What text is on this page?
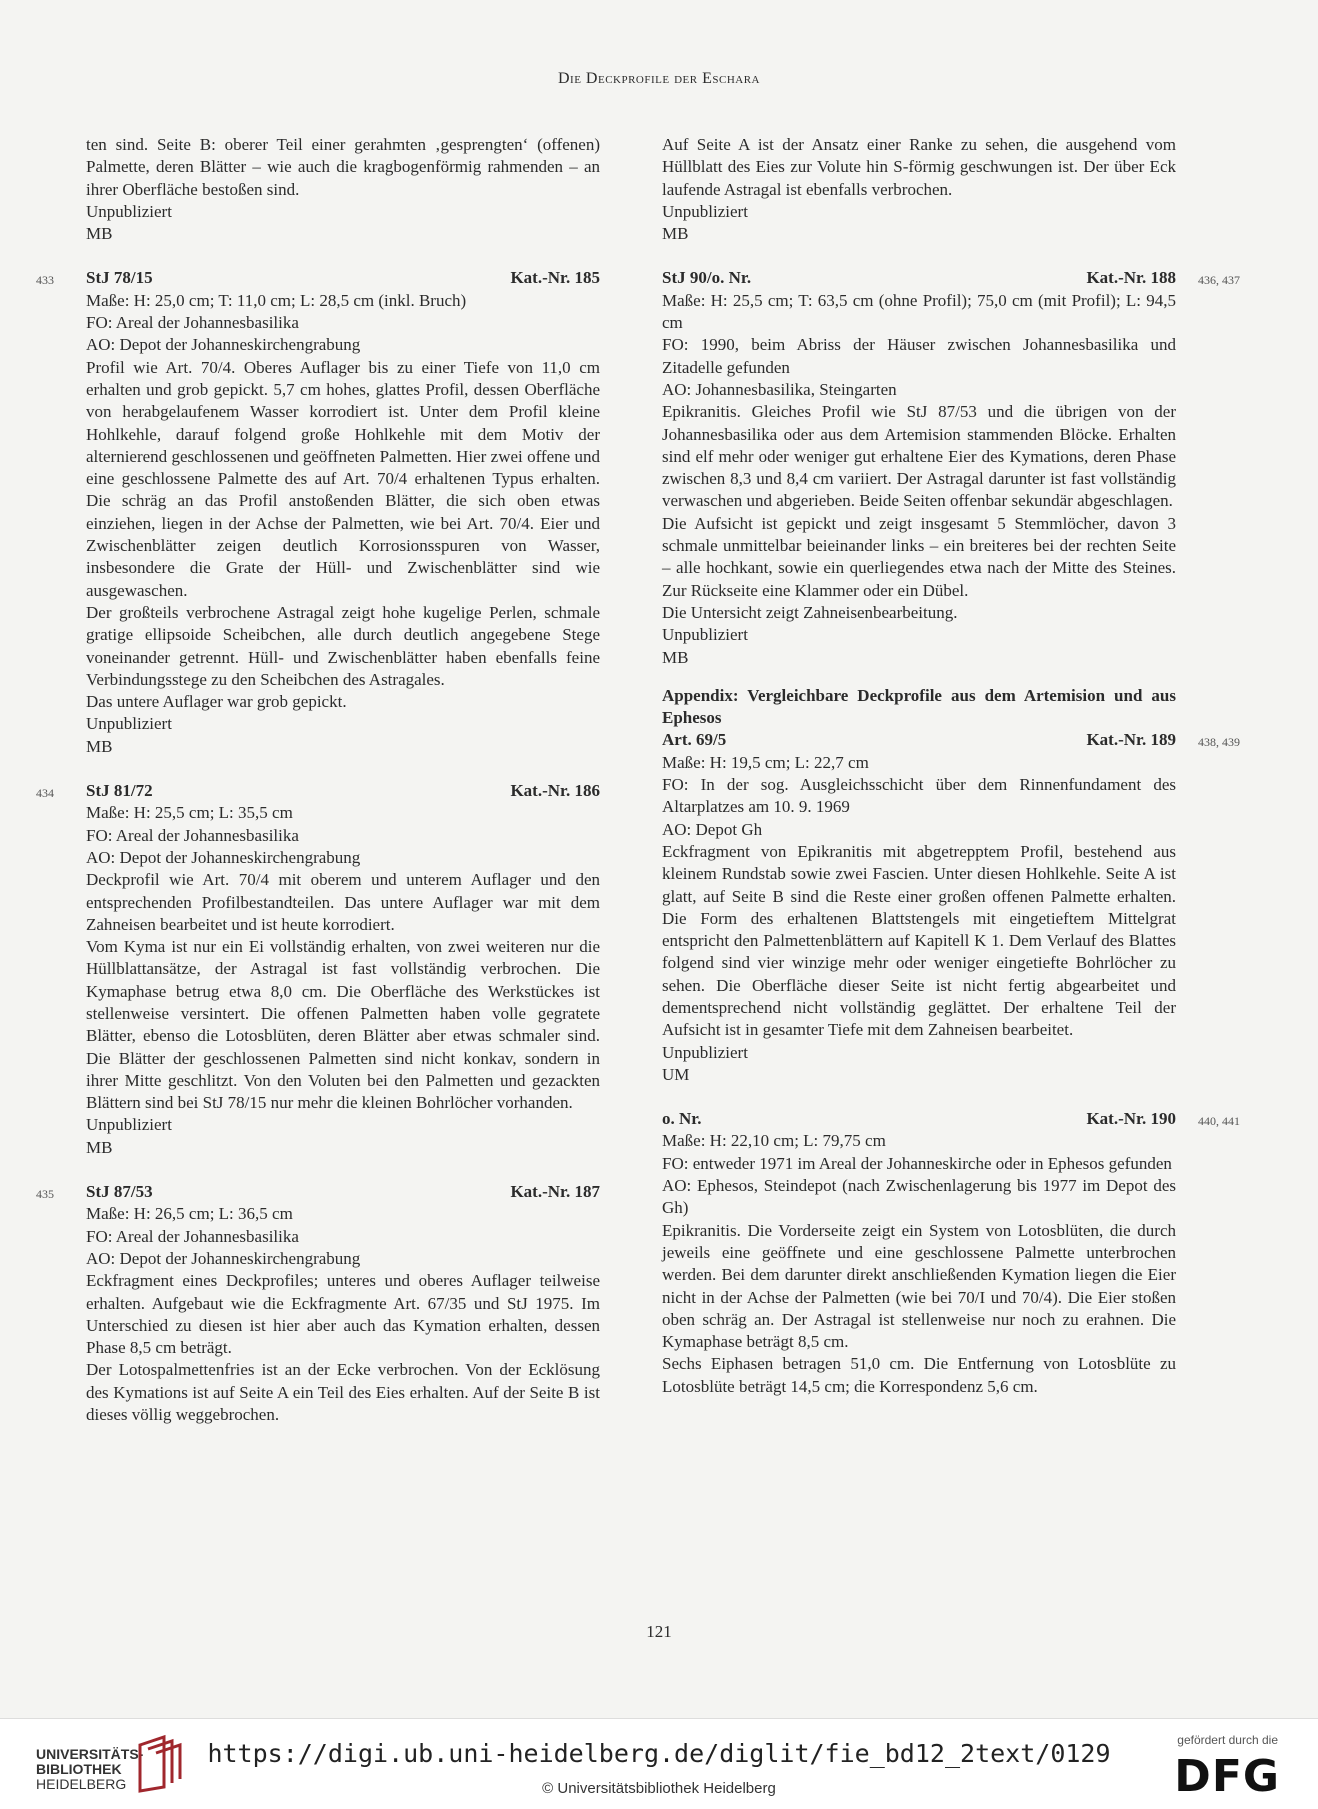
Die Deckprofile der Eschara

ten sind. Seite B: oberer Teil einer gerahmten ‚gesprengten‘ (offenen) Palmette, deren Blätter – wie auch die kragbogenförmig rahmenden – an ihrer Oberfläche bestoßen sind.

Unpubliziert

MB

433 StJ 78/15	Kat.-Nr. 185

Maße: H: 25,0 cm; T: 11,0 cm; L: 28,5 cm (inkl. Bruch)

FO: Areal der Johannesbasilika

AO: Depot der Johanneskirchengrabung

Profil wie Art. 70/4. Oberes Auflager bis zu einer Tiefe von 11,0 cm erhalten und grob gepickt. 5,7 cm hohes, glattes Profil, dessen Oberfläche von herabgelaufenem Wasser korrodiert ist. Unter dem Profil kleine Hohlkehle, darauf folgend große Hohlkehle mit dem Motiv der alternierend geschlossenen und geöffneten Palmetten. Hier zwei offene und eine geschlossene Palmette des auf Art. 70/4 erhaltenen Typus erhalten. Die schräg an das Profil anstoßenden Blätter, die sich oben etwas einziehen, liegen in der Achse der Palmetten, wie bei Art. 70/4. Eier und Zwischenblätter zeigen deutlich Korrosionsspuren von Wasser, insbesondere die Grate der Hüll- und Zwischenblätter sind wie ausgewaschen.

Der großteils verbrochene Astragal zeigt hohe kugelige Perlen, schmale gratige ellipsoide Scheibchen, alle durch deutlich angegebene Stege voneinander getrennt. Hüll- und Zwischenblätter haben ebenfalls feine Verbindungsstege zu den Scheibchen des Astragales.

Das untere Auflager war grob gepickt.

Unpubliziert

MB

434 StJ 81/72	Kat.-Nr. 186

Maße: H: 25,5 cm; L: 35,5 cm

FO: Areal der Johannesbasilika

AO: Depot der Johanneskirchengrabung

Deckprofil wie Art. 70/4 mit oberem und unterem Auflager und den entsprechenden Profilbestandteilen. Das untere Auflager war mit dem Zahneisen bearbeitet und ist heute korrodiert.

Vom Kyma ist nur ein Ei vollständig erhalten, von zwei weiteren nur die Hüllblattansätze, der Astragal ist fast vollständig verbrochen. Die Kymaphase betrug etwa 8,0 cm. Die Oberfläche des Werkstückes ist stellenweise versintert. Die offenen Palmetten haben volle gegratete Blätter, ebenso die Lotosblüten, deren Blätter aber etwas schmaler sind. Die Blätter der geschlossenen Palmetten sind nicht konkav, sondern in ihrer Mitte geschlitzt. Von den Voluten bei den Palmetten und gezackten Blättern sind bei StJ 78/15 nur mehr die kleinen Bohrlöcher vorhanden.

Unpubliziert

MB

435 StJ 87/53	Kat.-Nr. 187

Maße: H: 26,5 cm; L: 36,5 cm

FO: Areal der Johannesbasilika

AO: Depot der Johanneskirchengrabung

Eckfragment eines Deckprofiles; unteres und oberes Auflager teilweise erhalten. Aufgebaut wie die Eckfragmente Art. 67/35 und StJ 1975. Im Unterschied zu diesen ist hier aber auch das Kymation erhalten, dessen Phase 8,5 cm beträgt.

Der Lotospalmettenfries ist an der Ecke verbrochen. Von der Ecklösung des Kymations ist auf Seite A ein Teil des Eies erhalten. Auf der Seite B ist dieses völlig weggebrochen.

Auf Seite A ist der Ansatz einer Ranke zu sehen, die ausgehend vom Hüllblatt des Eies zur Volute hin S-förmig geschwungen ist. Der über Eck laufende Astragal ist ebenfalls verbrochen.

Unpubliziert

MB

StJ 90/o. Nr.	Kat.-Nr. 188 436, 437

Maße: H: 25,5 cm; T: 63,5 cm (ohne Profil); 75,0 cm (mit Profil); L: 94,5 cm

FO: 1990, beim Abriss der Häuser zwischen Johannesbasilika und Zitadelle gefunden

AO: Johannesbasilika, Steingarten

Epikranitis. Gleiches Profil wie StJ 87/53 und die übrigen von der Johannesbasilika oder aus dem Artemision stammenden Blöcke. Erhalten sind elf mehr oder weniger gut erhaltene Eier des Kymations, deren Phase zwischen 8,3 und 8,4 cm variiert. Der Astragal darunter ist fast vollständig verwaschen und abgerieben. Beide Seiten offenbar sekundär abgeschlagen.

Die Aufsicht ist gepickt und zeigt insgesamt 5 Stemmlöcher, davon 3 schmale unmittelbar beieinander links – ein breiteres bei der rechten Seite – alle hochkant, sowie ein querliegendes etwa nach der Mitte des Steines. Zur Rückseite eine Klammer oder ein Dübel.

Die Untersicht zeigt Zahneisenbearbeitung.

Unpubliziert

MB

Appendix: Vergleichbare Deckprofile aus dem Artemision und aus Ephesos

Art. 69/5	Kat.-Nr. 189 438, 439

Maße: H: 19,5 cm; L: 22,7 cm

FO: In der sog. Ausgleichsschicht über dem Rinnenfundament des Altarplatzes am 10. 9. 1969

AO: Depot Gh

Eckfragment von Epikranitis mit abgetrepptem Profil, bestehend aus kleinem Rundstab sowie zwei Fascien. Unter diesen Hohlkehle. Seite A ist glatt, auf Seite B sind die Reste einer großen offenen Palmette erhalten. Die Form des erhaltenen Blattstengels mit eingetieftem Mittelgrat entspricht den Palmettenblättern auf Kapitell K 1. Dem Verlauf des Blattes folgend sind vier winzige mehr oder weniger eingetiefte Bohrlöcher zu sehen. Die Oberfläche dieser Seite ist nicht fertig abgearbeitet und dementsprechend nicht vollständig geglättet. Der erhaltene Teil der Aufsicht ist in gesamter Tiefe mit dem Zahneisen bearbeitet.

Unpubliziert

UM

o. Nr.	Kat.-Nr. 190 440, 441

Maße: H: 22,10 cm; L: 79,75 cm

FO: entweder 1971 im Areal der Johanneskirche oder in Ephesos gefunden

AO: Ephesos, Steindepot (nach Zwischenlagerung bis 1977 im Depot des Gh)

Epikranitis. Die Vorderseite zeigt ein System von Lotosblüten, die durch jeweils eine geöffnete und eine geschlossene Palmette unterbrochen werden. Bei dem darunter direkt anschließenden Kymation liegen die Eier nicht in der Achse der Palmetten (wie bei 70/I und 70/4). Die Eier stoßen oben schräg an. Der Astragal ist stellenweise nur noch zu erahnen. Die Kymaphase beträgt 8,5 cm.

Sechs Eiphasen betragen 51,0 cm. Die Entfernung von Lotosblüte zu Lotosblüte beträgt 14,5 cm; die Korrespondenz 5,6 cm.

121
UNIVERSITÄTS-
BIBLIOTHEK
HEIDELBERG
https://digi.ub.uni-heidelberg.de/diglit/fie_bd12_2text/0129
© Universitätsbibliothek Heidelberg
gefördert durch die
DFG
